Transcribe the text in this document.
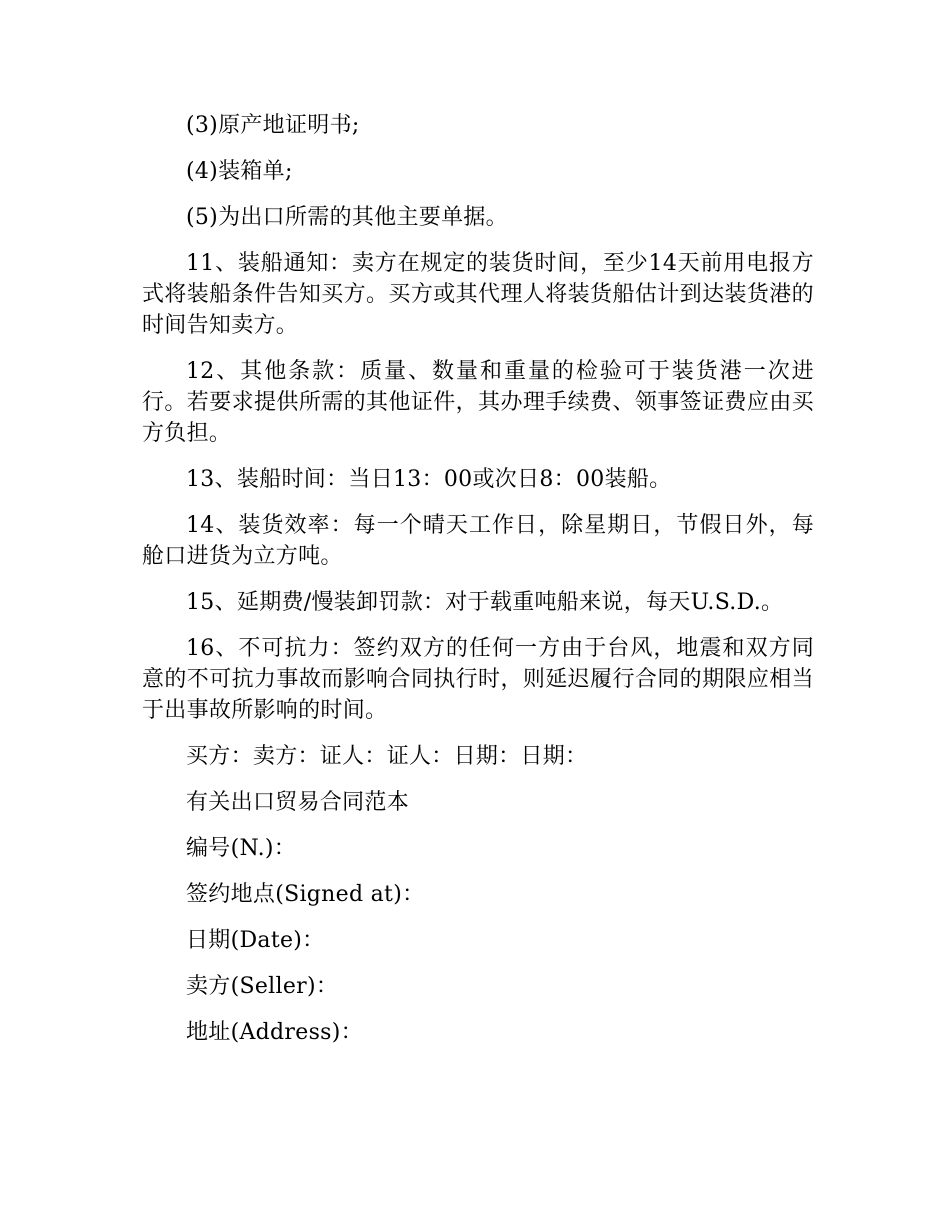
(3)原产地证明书;

(4)装箱单;

(5)为出口所需的其他主要单据。

11、装船通知：卖方在规定的装货时间，至少14天前用电报方式将装船条件告知买方。买方或其代理人将装货船估计到达装货港的时间告知卖方。

12、其他条款：质量、数量和重量的检验可于装货港一次进行。若要求提供所需的其他证件，其办理手续费、领事签证费应由买方负担。

13、装船时间：当日13：00或次日8：00装船。

14、装货效率：每一个晴天工作日，除星期日，节假日外，每舱口进货为立方吨。

15、延期费/慢装卸罚款：对于载重吨船来说，每天U.S.D.。

16、不可抗力：签约双方的任何一方由于台风，地震和双方同意的不可抗力事故而影响合同执行时，则延迟履行合同的期限应相当于出事故所影响的时间。

买方：卖方：证人：证人：日期：日期：

有关出口贸易合同范本

编号(N.)：

签约地点(Signed at)：

日期(Date)：

卖方(Seller)：

地址(Address)：
